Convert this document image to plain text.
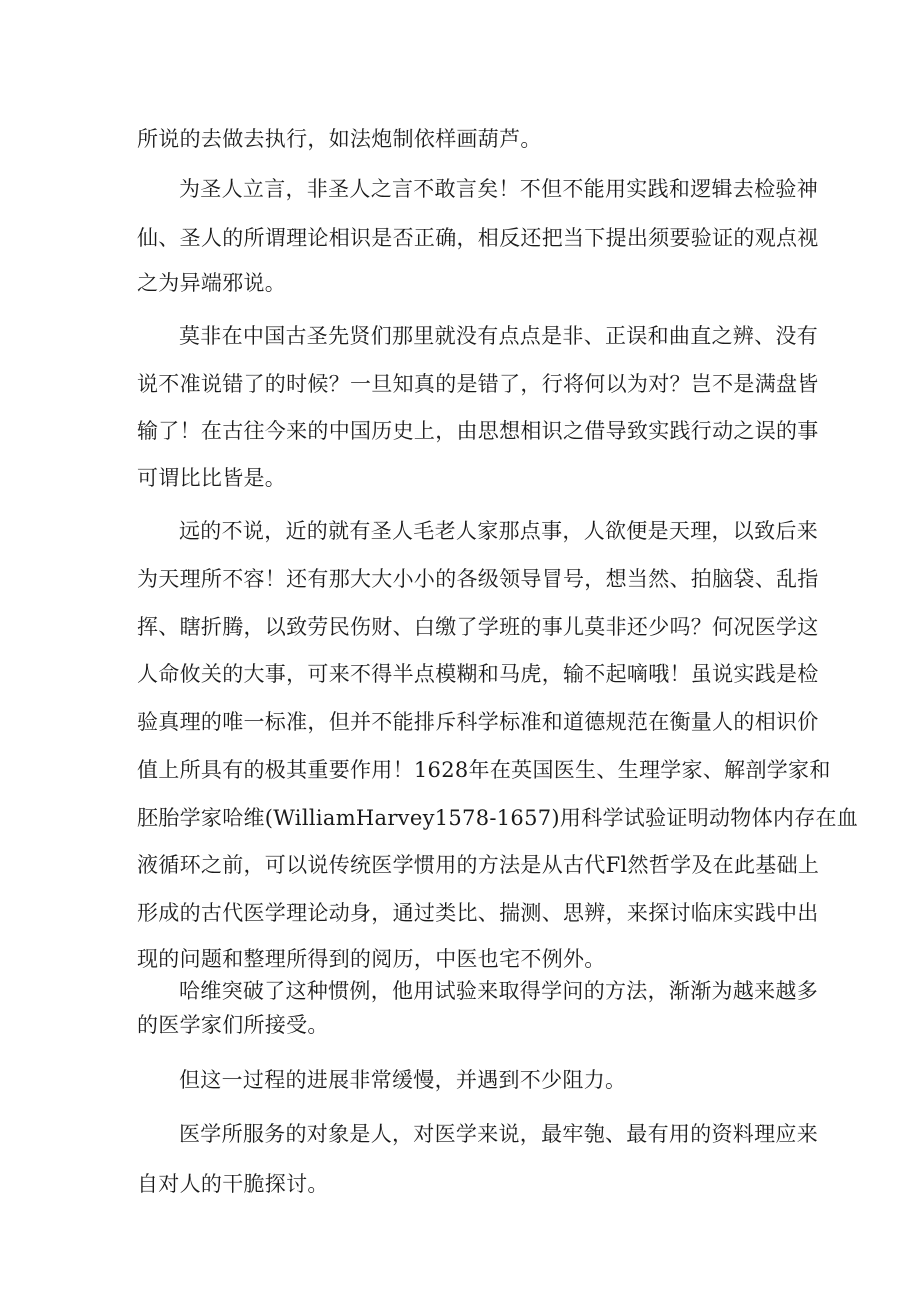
所说的去做去执行，如法炮制依样画葫芦。
为圣人立言，非圣人之言不敢言矣！不但不能用实践和逻辑去检验神
仙、圣人的所谓理论相识是否正确，相反还把当下提出须要验证的观点视
之为异端邪说。
莫非在中国古圣先贤们那里就没有点点是非、正误和曲直之辨、没有
说不准说错了的时候？一旦知真的是错了，行将何以为对？岂不是满盘皆
输了！在古往今来的中国历史上，由思想相识之借导致实践行动之误的事
可谓比比皆是。
远的不说，近的就有圣人毛老人家那点事，人欲便是天理，以致后来
为天理所不容！还有那大大小小的各级领导冒号，想当然、拍脑袋、乱指
挥、瞎折腾，以致劳民伤财、白缴了学班的事儿莫非还少吗？何况医学这
人命攸关的大事，可来不得半点模糊和马虎，输不起嘀哦！虽说实践是检
验真理的唯一标准，但并不能排斥科学标准和道德规范在衡量人的相识价
值上所具有的极其重要作用！1628年在英国医生、生理学家、解剖学家和
胚胎学家哈维(WilliamHarvey1578-1657)用科学试验证明动物体内存在血
液循环之前，可以说传统医学惯用的方法是从古代Fl然哲学及在此基础上
形成的古代医学理论动身，通过类比、揣测、思辨，来探讨临床实践中出
现的问题和整理所得到的阅历，中医也宅不例外。
哈维突破了这种惯例，他用试验来取得学问的方法，渐渐为越来越多
的医学家们所接受。
但这一过程的进展非常缓慢，并遇到不少阻力。
医学所服务的对象是人，对医学来说，最牢匏、最有用的资料理应来
自对人的干脆探讨。
